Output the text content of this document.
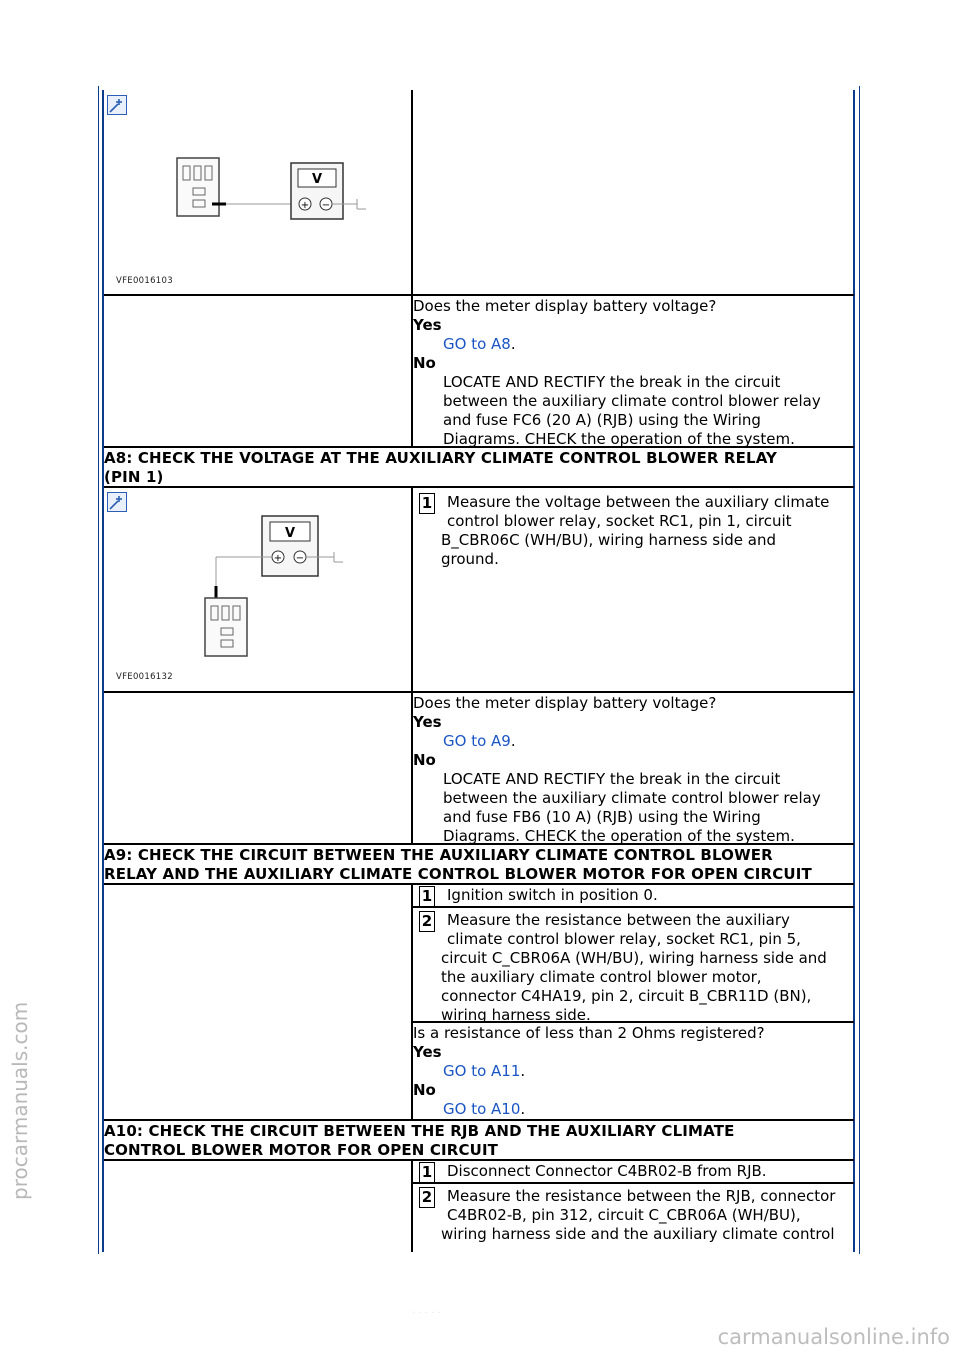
procarmanuals.com
carmanualsonline.info
· · · · ·
V
+ −
VFE0016103
Does the meter display battery voltage?
Yes
GO to A8.
No
LOCATE AND RECTIFY the break in the circuit
between the auxiliary climate control blower relay
and fuse FC6 (20 A) (RJB) using the Wiring
Diagrams. CHECK the operation of the system.
A8: CHECK THE VOLTAGE AT THE AUXILIARY CLIMATE CONTROL BLOWER RELAY
(PIN 1)
V
+ −
VFE0016132
1 Measure the voltage between the auxiliary climate
control blower relay, socket RC1, pin 1, circuit
B_CBR06C (WH/BU), wiring harness side and
ground.
Does the meter display battery voltage?
Yes
GO to A9.
No
LOCATE AND RECTIFY the break in the circuit
between the auxiliary climate control blower relay
and fuse FB6 (10 A) (RJB) using the Wiring
Diagrams. CHECK the operation of the system.
A9: CHECK THE CIRCUIT BETWEEN THE AUXILIARY CLIMATE CONTROL BLOWER
RELAY AND THE AUXILIARY CLIMATE CONTROL BLOWER MOTOR FOR OPEN CIRCUIT
1 Ignition switch in position 0.
2 Measure the resistance between the auxiliary
climate control blower relay, socket RC1, pin 5,
circuit C_CBR06A (WH/BU), wiring harness side and
the auxiliary climate control blower motor,
connector C4HA19, pin 2, circuit B_CBR11D (BN),
wiring harness side.
Is a resistance of less than 2 Ohms registered?
Yes
GO to A11.
No
GO to A10.
A10: CHECK THE CIRCUIT BETWEEN THE RJB AND THE AUXILIARY CLIMATE
CONTROL BLOWER MOTOR FOR OPEN CIRCUIT
1 Disconnect Connector C4BR02-B from RJB.
2 Measure the resistance between the RJB, connector
C4BR02-B, pin 312, circuit C_CBR06A (WH/BU),
wiring harness side and the auxiliary climate control
